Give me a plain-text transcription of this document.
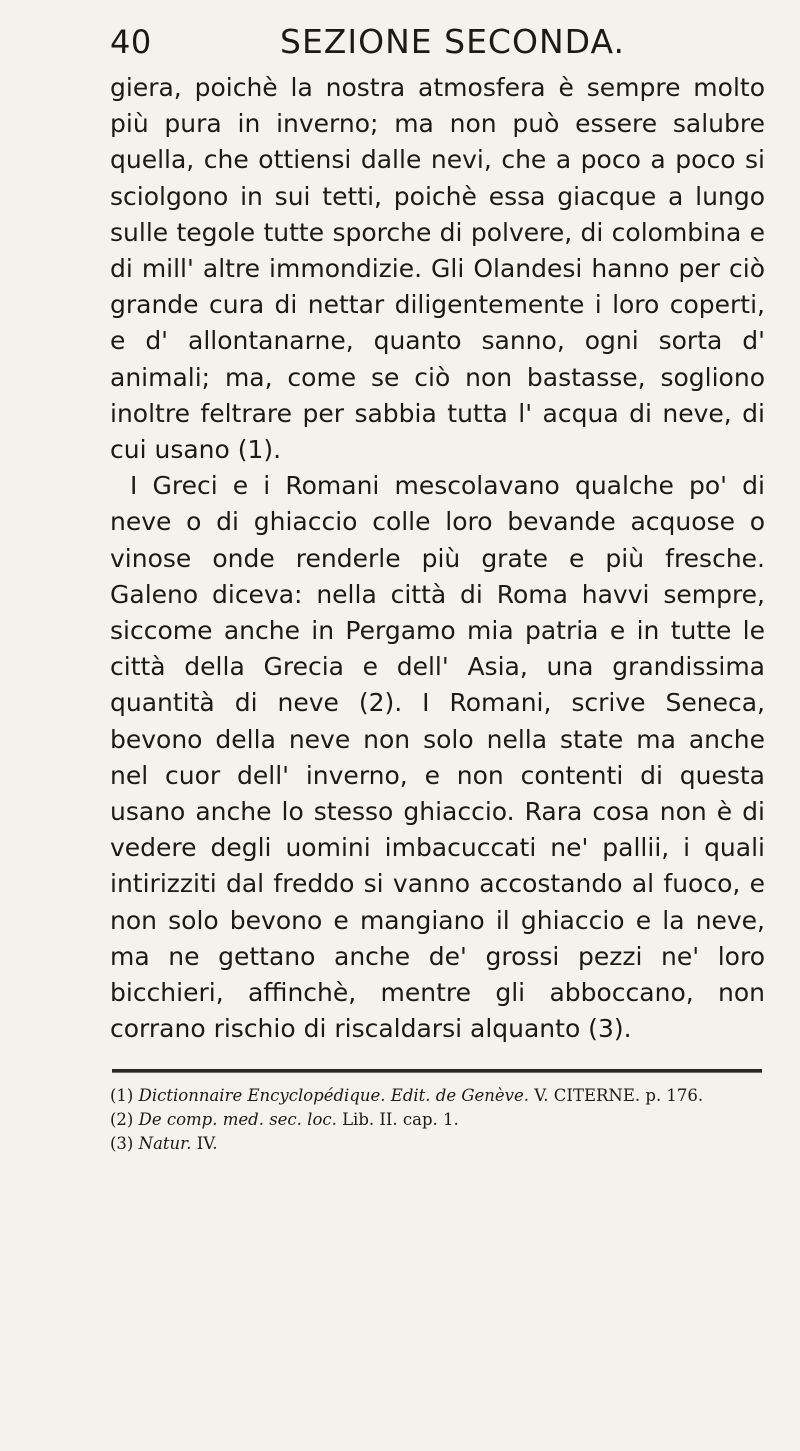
40	SEZIONE SECONDA.

giera, poichè la nostra atmosfera è sempre molto più pura in inverno; ma non può essere salubre quella, che ottiensi dalle nevi, che a poco a poco si sciolgono in sui tetti, poichè essa giacque a lungo sulle tegole tutte sporche di polvere, di colombina e di mill' altre immondizie. Gli Olandesi hanno per ciò grande cura di nettar diligentemente i loro coperti, e d' allontanarne, quanto sanno, ogni sorta d' animali; ma, come se ciò non bastasse, sogliono inoltre feltrare per sabbia tutta l' acqua di neve, di cui usano (1).

I Greci e i Romani mescolavano qualche po' di neve o di ghiaccio colle loro bevande acquose o vinose onde renderle più grate e più fresche. Galeno diceva: nella città di Roma havvi sempre, siccome anche in Pergamo mia patria e in tutte le città della Grecia e dell' Asia, una grandissima quantità di neve (2). I Romani, scrive Seneca, bevono della neve non solo nella state ma anche nel cuor dell' inverno, e non contenti di questa usano anche lo stesso ghiaccio. Rara cosa non è di vedere degli uomini imbacuccati ne' pallii, i quali intirizziti dal freddo si vanno accostando al fuoco, e non solo bevono e mangiano il ghiaccio e la neve, ma ne gettano anche de' grossi pezzi ne' loro bicchieri, affinchè, mentre gli abboccano, non corrano rischio di riscaldarsi alquanto (3).

(1) Dictionnaire Encyclopédique. Edit. de Genève. V. CITERNE. p. 176.
(2) De comp. med. sec. loc. Lib. II. cap. 1.
(3) Natur. IV.
